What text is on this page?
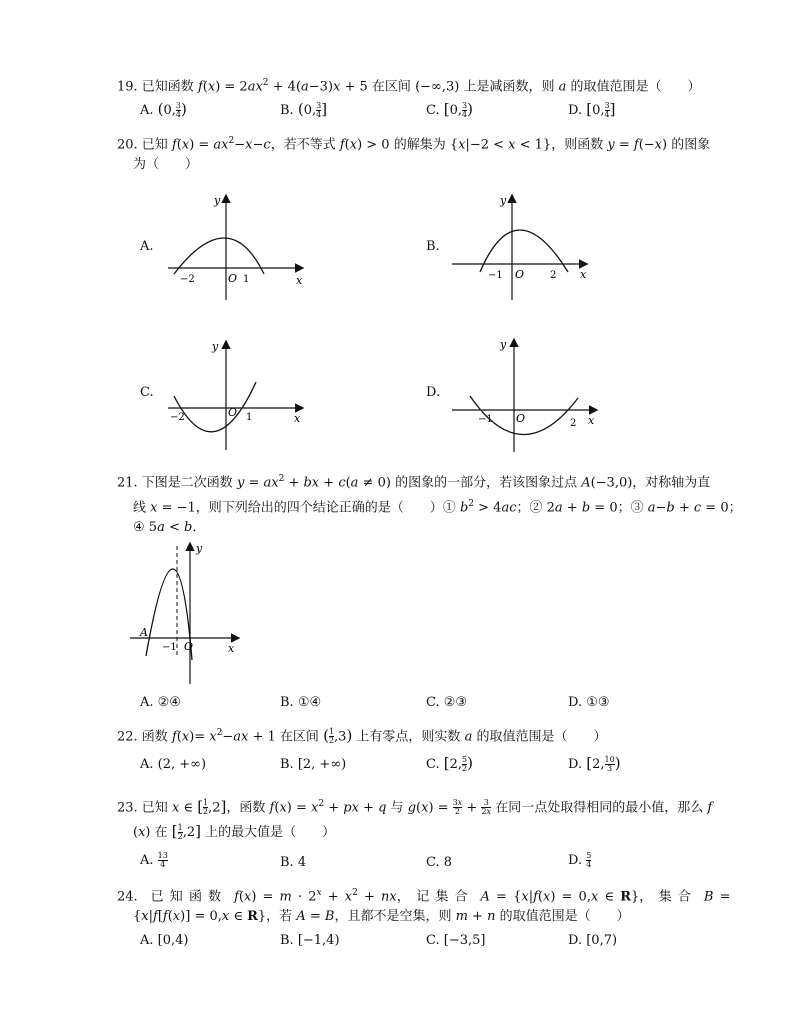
19. 已知函数 $f(x) = 2ax^2 + 4(a-3)x + 5$ 在区间 (−∞,3) 上是减函数，则 a 的取值范围是（　　）
A. (0, 3
4)	B. (0, 3
4]	C. [0, 3
4)	D. [0, 3
4]
20. 已知 $f(x) = ax^2-x-c$，若不等式 f(x) > 0 的解集为 {x|−2 < x < 1}，则函数 y = f(−x) 的图象
为（　　）
A.	B.
C.	D.
y
x
−2	O 1
y
x
−1 O	2
y
x
−2	O 1
y
x
−1 O	2
21. 下图是二次函数 $y = ax^2$ + bx + c(a ≠ 0) 的图象的一部分，若该图象过点 A(−3,0)，对称轴为直
线 x = −1，则下列给出的四个结论正确的是（　　）① $b^2 > 4ac$；② 2a + b = 0；③ a−b + c = 0；
④ 5a < b．
y
x
A
−1 O
A. ②④	B. ①④	C. ②③	D. ①③
22. 函数 $f(x)= x^2-ax + 1$ 在区间 ( 1
2,3) 上有零点，则实数 a 的取值范围是（　　）
A. (2, +∞)	B. [2, +∞)	C. [2, 5
2)	D. [2, 10
3 )
23. 已知 x ∈ [ 1
2,2]，函数 $f(x) = x^2$ + px + q 与 g(x) = 3x
2 + 3
2x 在同一点处取得相同的最小值，那么 f
(x) 在 [ 1
2,2] 上的最大值是（　　）
A. 13
4	B. 4	C. 8	D. 5
4
24.　已 知 函 数　$f(x) = m \cdot 2^x + x^2$ + nx，　记 集 合　A = {x|f(x) = 0,x ∈ R}，　集 合　B =
{x|f[f(x)] = 0,x ∈ R}，若 A = B，且都不是空集，则 m + n 的取值范围是（　　）
A. [0,4)	B. [−1,4)	C. [−3,5]	D. [0,7)
